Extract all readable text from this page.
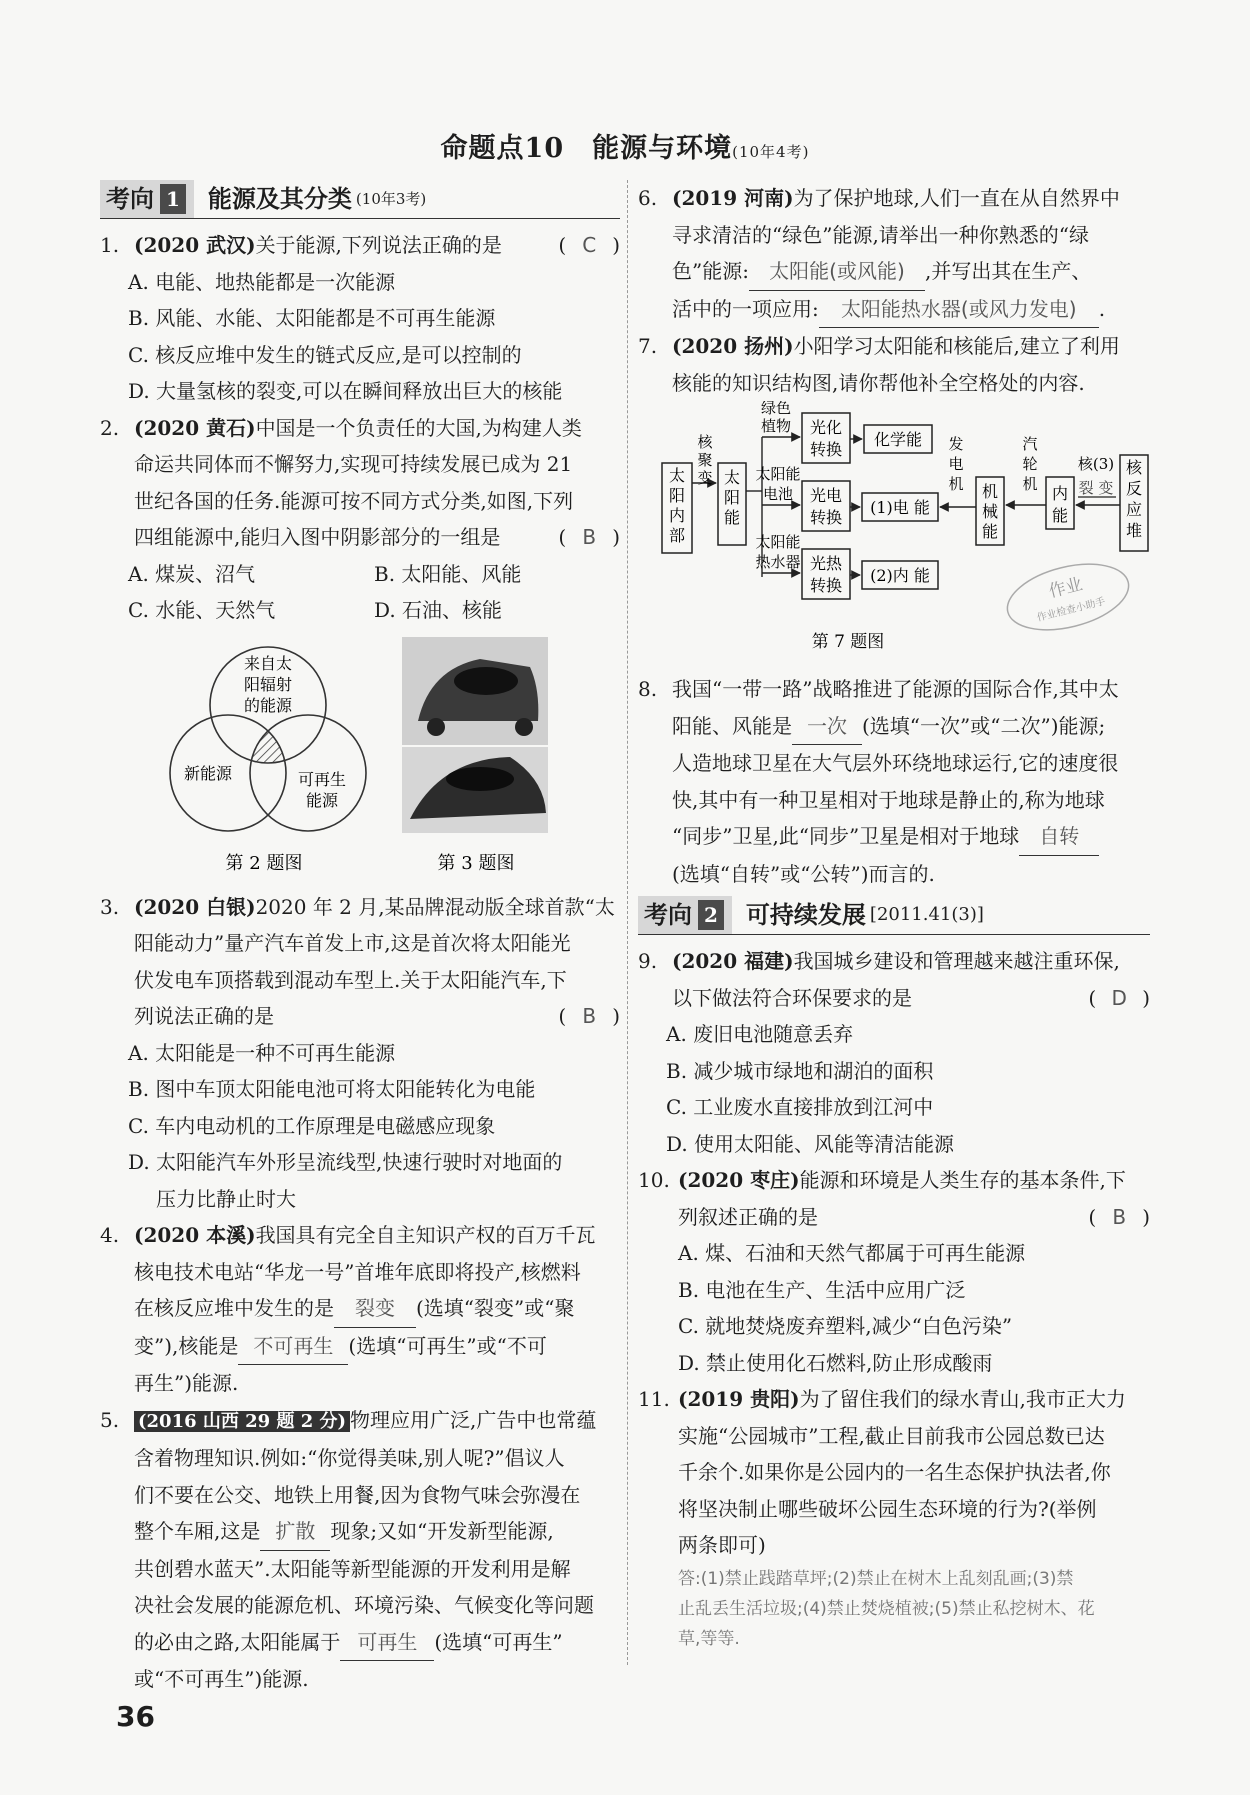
命题点10　能源与环境(10年4考)
考向 1 能源及其分类 (10年3考)
1. (2020 武汉)关于能源,下列说法正确的是	( C )
A. 电能、地热能都是一次能源
B. 风能、水能、太阳能都是不可再生能源
C. 核反应堆中发生的链式反应,是可以控制的
D. 大量氢核的裂变,可以在瞬间释放出巨大的核能
2. (2020 黄石)中国是一个负责任的大国,为构建人类
命运共同体而不懈努力,实现可持续发展已成为 21
世纪各国的任务.能源可按不同方式分类,如图,下列
四组能源中,能归入图中阴影部分的一组是	( B )
A. 煤炭、沼气	B. 太阳能、风能
C. 水能、天然气	D. 石油、核能
来自太
阳辐射
的能源
新能源	可再生
能源
第 2 题图	第 3 题图
3. (2020 白银)2020 年 2 月,某品牌混动版全球首款“太
阳能动力”量产汽车首发上市,这是首次将太阳能光
伏发电车顶搭载到混动车型上.关于太阳能汽车,下
列说法正确的是	( B )
A. 太阳能是一种不可再生能源
B. 图中车顶太阳能电池可将太阳能转化为电能
C. 车内电动机的工作原理是电磁感应现象
D. 太阳能汽车外形呈流线型,快速行驶时对地面的
压力比静止时大
4. (2020 本溪)我国具有完全自主知识产权的百万千瓦
核电技术电站“华龙一号”首堆年底即将投产,核燃料
在核反应堆中发生的是 裂变 (选填“裂变”或“聚
变”),核能是 不可再生 (选填“可再生”或“不可
再生”)能源.
5. (2016 山西 29 题 2 分) 物理应用广泛,广告中也常蕴
含着物理知识.例如:“你觉得美味,别人呢?”倡议人
们不要在公交、地铁上用餐,因为食物气味会弥漫在
整个车厢,这是 扩散 现象;又如“开发新型能源,
共创碧水蓝天”.太阳能等新型能源的开发利用是解
决社会发展的能源危机、环境污染、气候变化等问题
的必由之路,太阳能属于 可再生 (选填“可再生”
或“不可再生”)能源.
6. (2019 河南)为了保护地球,人们一直在从自然界中
寻求清洁的“绿色”能源,请举出一种你熟悉的“绿
色”能源: 太阳能(或风能) ,并写出其在生产、
活中的一项应用: 太阳能热水器(或风力发电) .
7. (2020 扬州)小阳学习太阳能和核能后,建立了利用
核能的知识结构图,请你帮他补全空格处的内容.
太
阳
内
部
核
聚
变 太
阳
能
绿色
植物
太阳能
电池
太阳能
热水器
光化
转换
光电
转换
光热
转换
化学能
(1)电 能
(2)内 能
发
电
机 机
械
能
汽
轮
机 内
能
核(3)
裂 变
核
反
应
堆
作业
作业检查小助手
第 7 题图
8. 我国“一带一路”战略推进了能源的国际合作,其中太
阳能、风能是 一次 (选填“一次”或“二次”)能源;
人造地球卫星在大气层外环绕地球运行,它的速度很
快,其中有一种卫星相对于地球是静止的,称为地球
“同步”卫星,此“同步”卫星是相对于地球 自转
(选填“自转”或“公转”)而言的.
考向 2 可持续发展 [2011.41(3)]
9. (2020 福建)我国城乡建设和管理越来越注重环保,
以下做法符合环保要求的是	( D )
A. 废旧电池随意丢弃
B. 减少城市绿地和湖泊的面积
C. 工业废水直接排放到江河中
D. 使用太阳能、风能等清洁能源
10. (2020 枣庄)能源和环境是人类生存的基本条件,下
列叙述正确的是	( B )
A. 煤、石油和天然气都属于可再生能源
B. 电池在生产、生活中应用广泛
C. 就地焚烧废弃塑料,减少“白色污染”
D. 禁止使用化石燃料,防止形成酸雨
11. (2019 贵阳)为了留住我们的绿水青山,我市正大力
实施“公园城市”工程,截止目前我市公园总数已达
千余个.如果你是公园内的一名生态保护执法者,你
将坚决制止哪些破坏公园生态环境的行为?(举例
两条即可)
答:(1)禁止践踏草坪;(2)禁止在树木上乱刻乱画;(3)禁
止乱丢生活垃圾;(4)禁止焚烧植被;(5)禁止私挖树木、花
草,等等.
36
